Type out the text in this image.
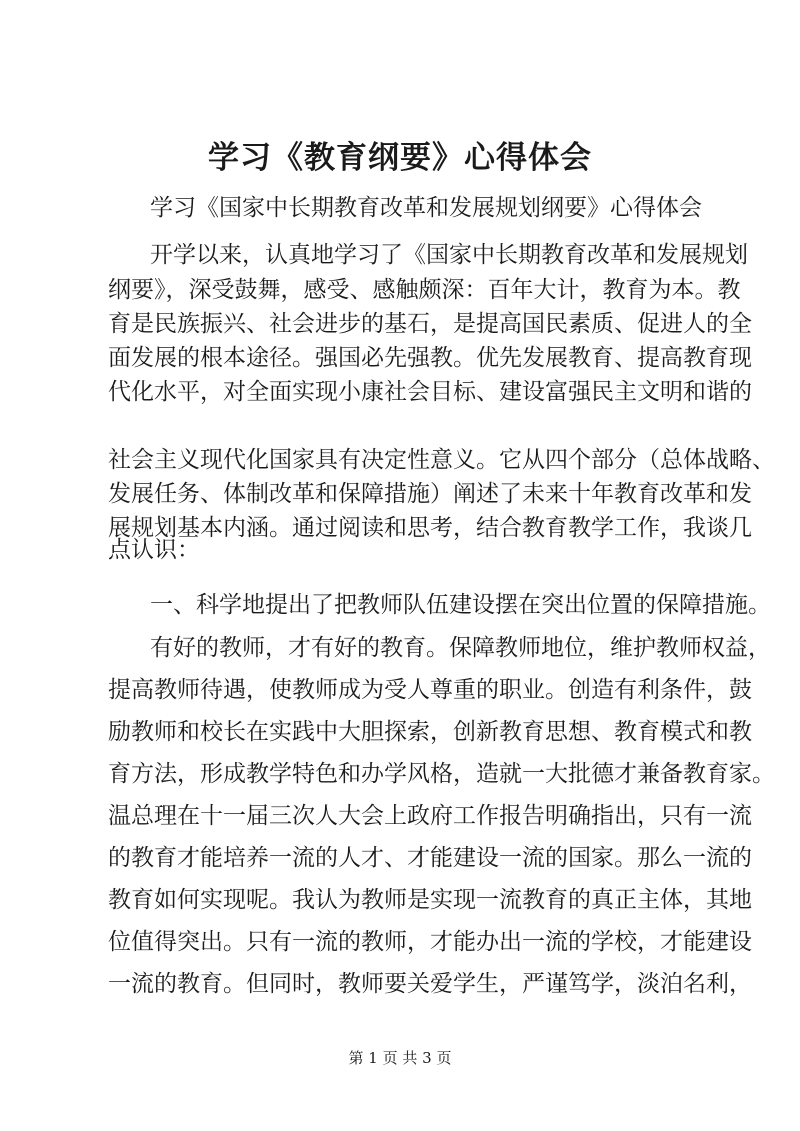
学习《教育纲要》心得体会
学习《国家中长期教育改革和发展规划纲要》心得体会
开学以来，认真地学习了《国家中长期教育改革和发展规划
纲要》，深受鼓舞，感受、感触颇深：百年大计，教育为本。教
育是民族振兴、社会进步的基石，是提高国民素质、促进人的全
面发展的根本途径。强国必先强教。优先发展教育、提高教育现
代化水平，对全面实现小康社会目标、建设富强民主文明和谐的
社会主义现代化国家具有决定性意义。它从四个部分（总体战略、
发展任务、体制改革和保障措施）阐述了未来十年教育改革和发
展规划基本内涵。通过阅读和思考，结合教育教学工作，我谈几
点认识：
一、科学地提出了把教师队伍建设摆在突出位置的保障措施。
有好的教师，才有好的教育。保障教师地位，维护教师权益，
提高教师待遇，使教师成为受人尊重的职业。创造有利条件，鼓
励教师和校长在实践中大胆探索，创新教育思想、教育模式和教
育方法，形成教学特色和办学风格，造就一大批德才兼备教育家。
温总理在十一届三次人大会上政府工作报告明确指出，只有一流
的教育才能培养一流的人才、才能建设一流的国家。那么一流的
教育如何实现呢。我认为教师是实现一流教育的真正主体，其地
位值得突出。只有一流的教师，才能办出一流的学校，才能建设
一流的教育。但同时，教师要关爱学生，严谨笃学，淡泊名利，
第 1 页 共 3 页
